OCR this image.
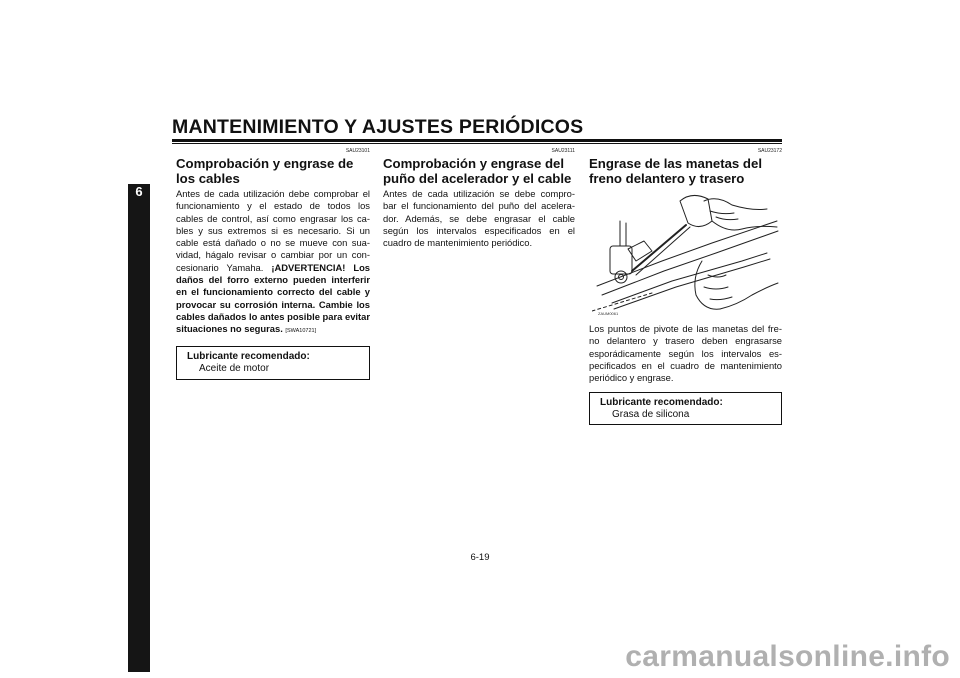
MANTENIMIENTO Y AJUSTES PERIÓDICOS
6
SAU23101
Comprobación y engrase de los cables
Antes de cada utilización debe comprobar el funcionamiento y el estado de todos los cables de control, así como engrasar los ca- bles y sus extremos si es necesario. Si un cable está dañado o no se mueve con sua- vidad, hágalo revisar o cambiar por un con- cesionario Yamaha. ¡ADVERTENCIA! Los daños del forro externo pueden interferir en el funcionamiento correcto del cable y provocar su corrosión interna. Cambie los cables dañados lo antes posible para evitar situaciones no seguras. [SWA10721]
Lubricante recomendado:
Aceite de motor
SAU23111
Comprobación y engrase del puño del acelerador y el cable
Antes de cada utilización se debe compro- bar el funcionamiento del puño del acelera- dor. Además, se debe engrasar el cable según los intervalos especificados en el cuadro de mantenimiento periódico.
SAU23172
Engrase de las manetas del freno delantero y trasero
ZAUM0061
Los puntos de pivote de las manetas del fre- no delantero y trasero deben engrasarse esporádicamente según los intervalos es- pecificados en el cuadro de mantenimiento periódico y engrase.
Lubricante recomendado:
Grasa de silicona
6-19
carmanualsonline.info
